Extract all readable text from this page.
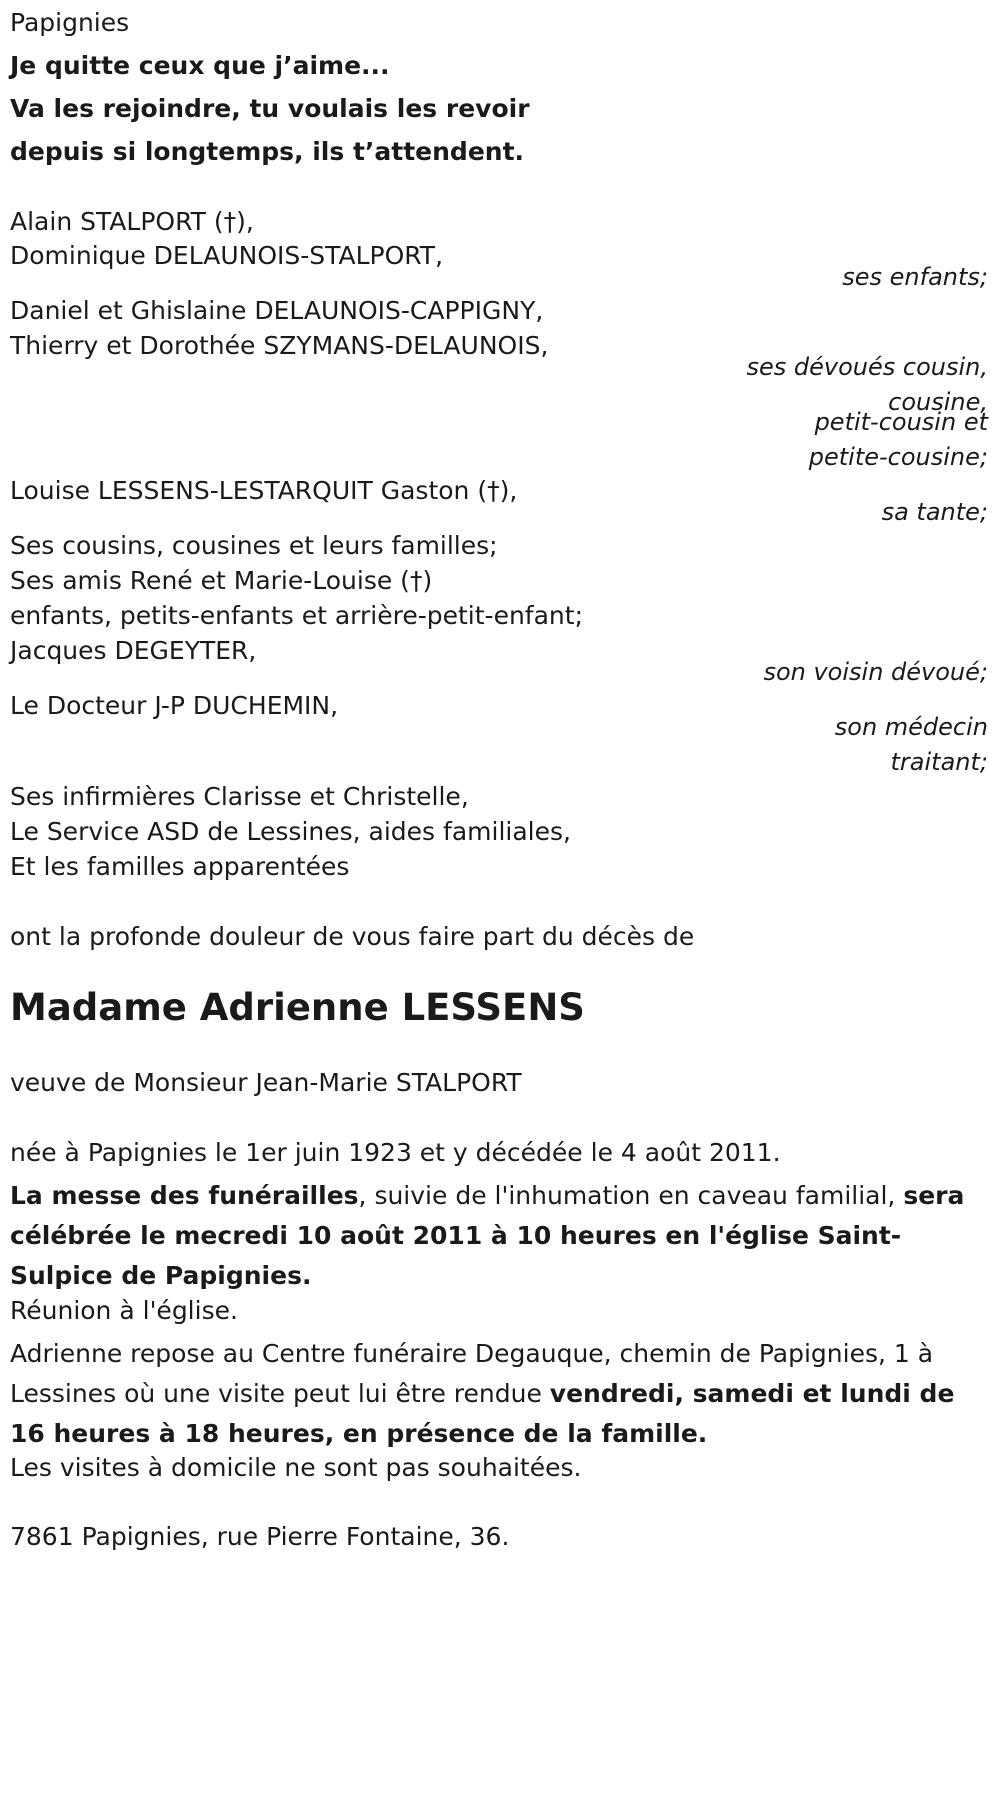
Papignies
Je quitte ceux que j’aime...
Va les rejoindre, tu voulais les revoir
depuis si longtemps, ils t’attendent.
Alain STALPORT (†),
Dominique DELAUNOIS-STALPORT,
ses enfants;
Daniel et Ghislaine DELAUNOIS-CAPPIGNY,
Thierry et Dorothée SZYMANS-DELAUNOIS,
ses dévoués cousin,
cousine,
petit-cousin et
petite-cousine;
Louise LESSENS-LESTARQUIT Gaston (†),
sa tante;
Ses cousins, cousines et leurs familles;
Ses amis René et Marie-Louise (†)
enfants, petits-enfants et arrière-petit-enfant;
Jacques DEGEYTER,
son voisin dévoué;
Le Docteur J-P DUCHEMIN,
son médecin
traitant;
Ses infirmières Clarisse et Christelle,
Le Service ASD de Lessines, aides familiales,
Et les familles apparentées
ont la profonde douleur de vous faire part du décès de
Madame Adrienne LESSENS
veuve de Monsieur Jean-Marie STALPORT
née à Papignies le 1er juin 1923 et y décédée le 4 août 2011.
La messe des funérailles, suivie de l'inhumation en caveau familial, sera célébrée le mecredi 10 août 2011 à 10 heures en l'église Saint-Sulpice de Papignies.
Réunion à l'église.
Adrienne repose au Centre funéraire Degauque, chemin de Papignies, 1 à Lessines où une visite peut lui être rendue vendredi, samedi et lundi de 16 heures à 18 heures, en présence de la famille.
Les visites à domicile ne sont pas souhaitées.
7861 Papignies, rue Pierre Fontaine, 36.
